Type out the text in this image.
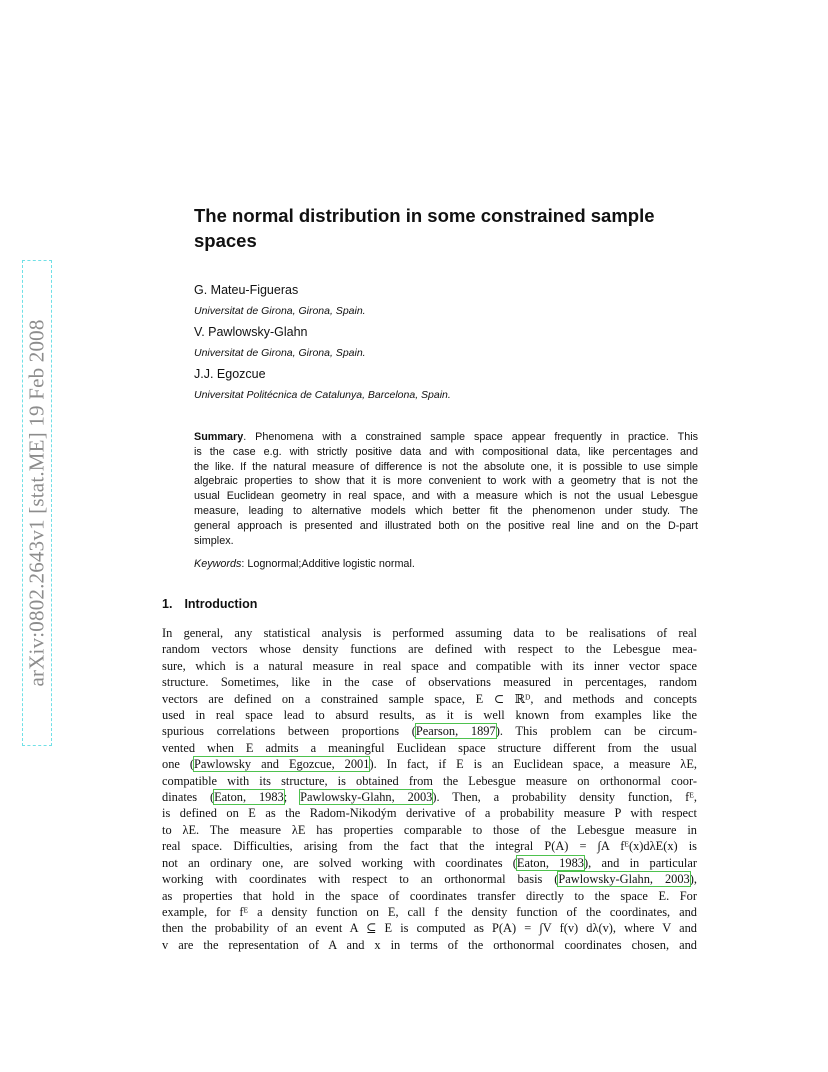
arXiv:0802.2643v1 [stat.ME] 19 Feb 2008
The normal distribution in some constrained sample spaces
G. Mateu-Figueras
Universitat de Girona, Girona, Spain.
V. Pawlowsky-Glahn
Universitat de Girona, Girona, Spain.
J.J. Egozcue
Universitat Politécnica de Catalunya, Barcelona, Spain.
Summary. Phenomena with a constrained sample space appear frequently in practice. This
is the case e.g. with strictly positive data and with compositional data, like percentages and
the like. If the natural measure of difference is not the absolute one, it is possible to use simple
algebraic properties to show that it is more convenient to work with a geometry that is not the
usual Euclidean geometry in real space, and with a measure which is not the usual Lebesgue
measure, leading to alternative models which better fit the phenomenon under study. The
general approach is presented and illustrated both on the positive real line and on the D-part
simplex.

Keywords: Lognormal;Additive logistic normal.

1. Introduction
In general, any statistical analysis is performed assuming data to be realisations of real
random vectors whose density functions are defined with respect to the Lebesgue mea-
sure, which is a natural measure in real space and compatible with its inner vector space
structure. Sometimes, like in the case of observations measured in percentages, random
vectors are defined on a constrained sample space, E ⊂ ℝᴰ, and methods and concepts
used in real space lead to absurd results, as it is well known from examples like the
spurious correlations between proportions (Pearson, 1897). This problem can be circum-
vented when E admits a meaningful Euclidean space structure different from the usual
one (Pawlowsky and Egozcue, 2001). In fact, if E is an Euclidean space, a measure λE,
compatible with its structure, is obtained from the Lebesgue measure on orthonormal coor-
dinates (Eaton, 1983; Pawlowsky-Glahn, 2003). Then, a probability density function, fᴱ,
is defined on E as the Radom-Nikodým derivative of a probability measure P with respect
to λE. The measure λE has properties comparable to those of the Lebesgue measure in
real space. Difficulties, arising from the fact that the integral P(A) = ∫A fᴱ(x)dλE(x) is
not an ordinary one, are solved working with coordinates (Eaton, 1983), and in particular
working with coordinates with respect to an orthonormal basis (Pawlowsky-Glahn, 2003),
as properties that hold in the space of coordinates transfer directly to the space E. For
example, for fᴱ a density function on E, call f the density function of the coordinates, and
then the probability of an event A ⊆ E is computed as P(A) = ∫V f(v) dλ(v), where V and
v are the representation of A and x in terms of the orthonormal coordinates chosen, and
